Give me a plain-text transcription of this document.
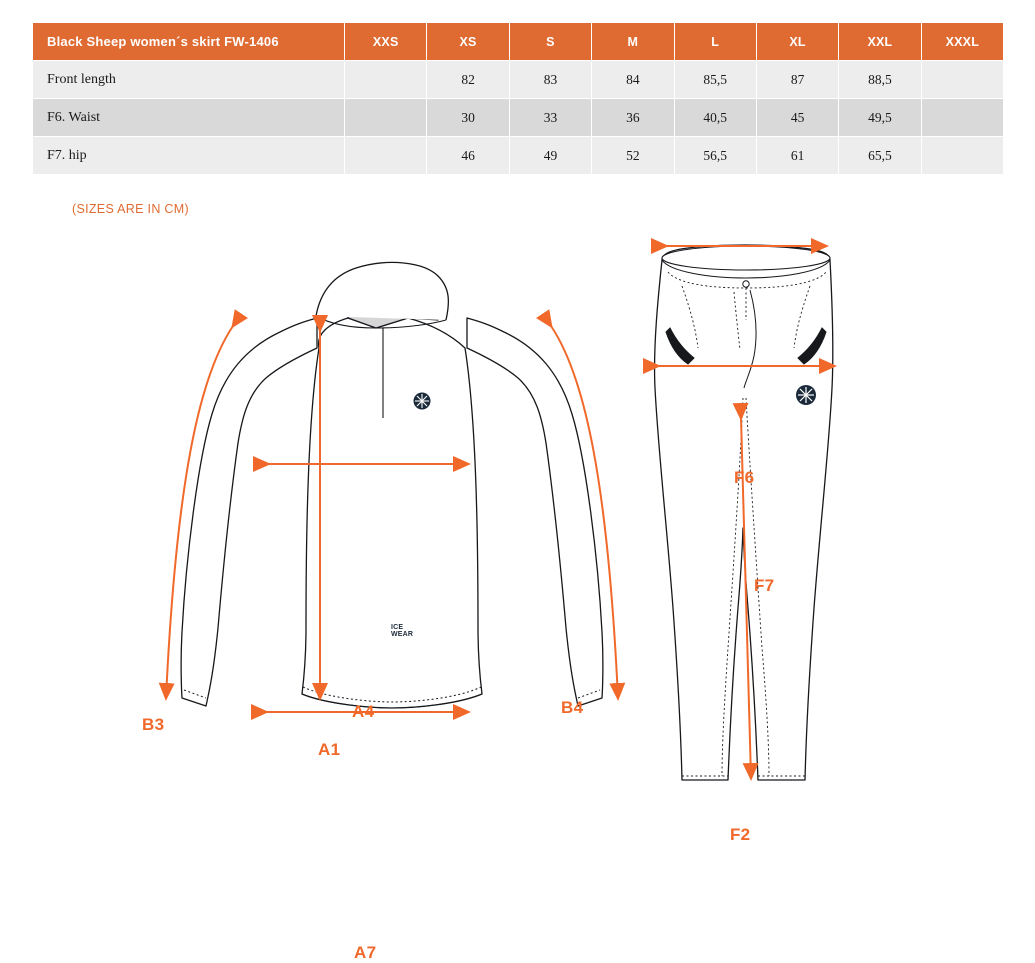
Black Sheep women´s skirt FW-1406	XXS	XS	S	M	L	XL	XXL	XXXL
Front length		82	83	84	85,5	87	88,5	
F6. Waist		30	33	36	40,5	45	49,5	
F7. hip		46	49	52	56,5	61	65,5	
(SIZES ARE IN CM)
ICE
WEAR
B3
A4
A1
B4
A7
F6
F7
F2
